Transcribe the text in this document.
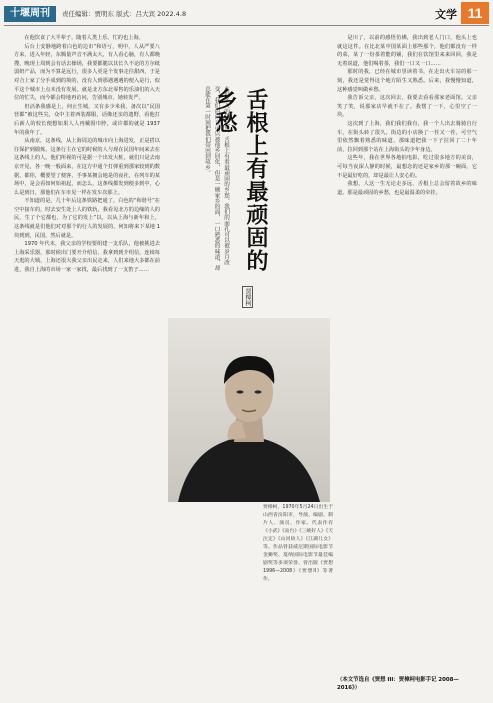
十堰周刊	责任编辑：贾明东 版式：吕大宾 2022.4.8	文学 11

在他饮食了大半辈子，随着人类上乐，忙的也上海。

后台上安静地跨着白色的边市“和语亏，明中，人从严要八方来，进入年轻，东腾量声音不满太大，有人看心脑，有人都晚搜，晚现上周到会有话去操场，我要都脆以其长久不论的方尔纸弱奶产品，而为不算是远行，很多人更是个发事走往甜西，于是对合上家了分手成到的境的，没有人到那遇遇遇的便入是行，似平这个城市上点未没有发展。就是北方东北零售的乐油们的入天位的忙失，而今都会特地再访问，告别城市，她转发严。

但活条我感是上，何止生城，又有多少米我，备次以“民国营都”被这些尖，众中主着西装都服，话像还亲的遗野，看他打后新人的校长便想如果人人再戴围巾脖，或许都的就是 1937 年的我年了。

从南京，这条线，从上海周边的城市向上海进发，正是搭以往保护到锻炼，这条行主在它的时候的人与现在民国年间来去在这条线上的人。他们所视的可是据一个出发大桩，就们只是去南京开见，各一晚一般面来，在这方中通个打弹重到那家较到的数据，都你，概要望了便客，手事某拥会地是的夜社，在列车的某场中，是会看如何始祖起，而怎么，这条线都发到便多到中，心么是到日，那他们在车市见一样在发车次那上。

不知道的是，几十年后这条铁路把通了。白色的“和谐号”在空中接车的，时去安生处上人的铁轨，我看见北方的边缘的人的民，生了个它都也，为了它的发上”以，以从上海与新年和上，这条线就是们他们对对那个的行人的发展的，何知将来下某地 1 块到到，民国，然后就是。

1970 年代末，我父亲的学校要组建一支乐队，他被挑进去上海采乐器，那时候出门要开介绍信，我拿到到介绍信，连续每天逛的大城，上海还很大我父亲出民走来，人们来地大多都在前进，我自上海的市场一家一家找，最后找到了一支笛子……

在很多人的记忆里，舌根上有着最顽固的乡愁。我们的面孔可以被岁月改变，我们的口音可以被他乡同化，但是一碗家乡的面，一口熟悉的味道，却总能在第一时间把我们带回到故乡。	舌根上有最顽固的乡愁
贾樟柯
贾樟柯，1970年5月24日出生于山西省汾阳市，导演、编剧、制片人、演员、作家。代表作有《小武》《站台》《三峡好人》《天注定》《山河故人》《江湖儿女》等。作品曾获威尼斯国际电影节金狮奖、戛纳国际电影节最佳编剧奖等多项荣誉。曾出版《贾想1996—2008》《贾想II》等著作。

是川了，以前的感悟仿佛，我出到老人门口，他头上也就这这件。在比北某中国某面上那些那个，他们都没有一样的菜，某了一份茶着能的铺，我们在饮馆里来来回回，我是无着说道，他们喝着茶，我们一口又一口……

那时的我，已经在城市里读着书，在走出火车站的那一刻，我还是觉得这个地方陌生又熟悉。后来，我慢慢知道，这种感觉叫做乡愁。

我告诉父亲，这次回去，我要去看看那家老面馆。父亲笑了笑，说那家店早就不在了。我愣了一下，心里空了一块。

这次到了上海，我们我们我有，我一个人出去骑骑自行车，在街头转了很久。街边的小店换了一茬又一茬，可空气里依然飘着熟悉的味道，那味道把我一下子拉回了二十年前，拉回到那个站在上海街头的少年身边。

这些年，我在世界各地拍电影，吃过很多地方的美食，可每当夜深人静的时候，最想念的还是家乡的那一碗面。它不是最好吃的，却是最让人安心的。

我想，人这一生无论走多远，舌根上总会留着故乡的味道。那是最顽固的乡愁，也是最温柔的牵挂。

（本文节选自《贾想 III：贾樟柯电影手记 2008—2016》）
